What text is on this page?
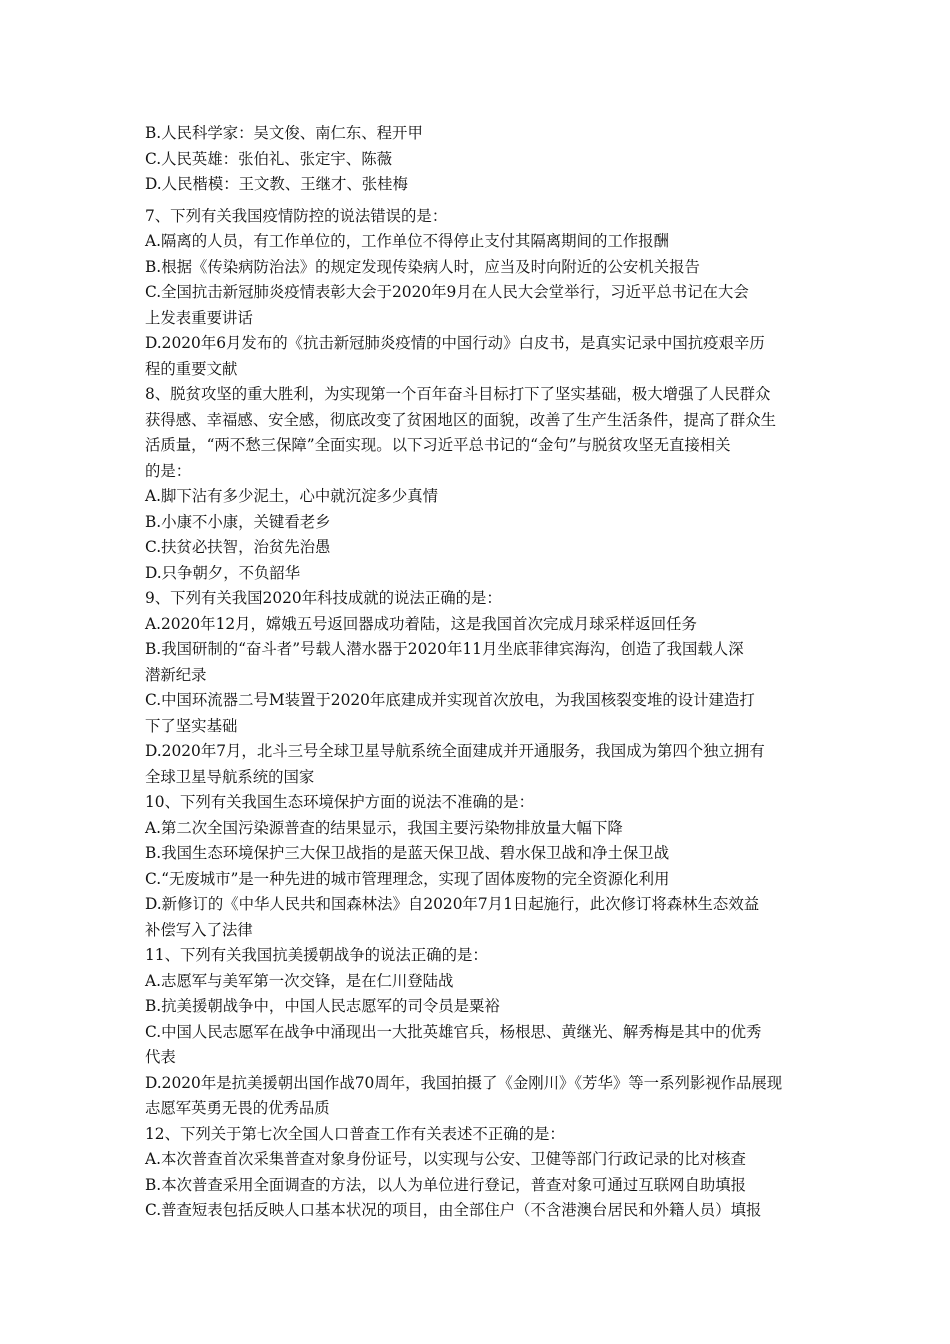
B.人民科学家：吴文俊、南仁东、程开甲
C.人民英雄：张伯礼、张定宇、陈薇
D.人民楷模：王文教、王继才、张桂梅
7、下列有关我国疫情防控的说法错误的是：
A.隔离的人员，有工作单位的，工作单位不得停止支付其隔离期间的工作报酬
B.根据《传染病防治法》的规定发现传染病人时，应当及时向附近的公安机关报告
C.全国抗击新冠肺炎疫情表彰大会于2020年9月在人民大会堂举行，习近平总书记在大会
上发表重要讲话
D.2020年6月发布的《抗击新冠肺炎疫情的中国行动》白皮书，是真实记录中国抗疫艰辛历
程的重要文献
8、脱贫攻坚的重大胜利，为实现第一个百年奋斗目标打下了坚实基础，极大增强了人民群众
获得感、幸福感、安全感，彻底改变了贫困地区的面貌，改善了生产生活条件，提高了群众生
活质量，“两不愁三保障”全面实现。以下习近平总书记的“金句”与脱贫攻坚无直接相关
的是：
A.脚下沾有多少泥土，心中就沉淀多少真情
B.小康不小康，关键看老乡
C.扶贫必扶智，治贫先治愚
D.只争朝夕，不负韶华
9、下列有关我国2020年科技成就的说法正确的是：
A.2020年12月，嫦娥五号返回器成功着陆，这是我国首次完成月球采样返回任务
B.我国研制的“奋斗者”号载人潜水器于2020年11月坐底菲律宾海沟，创造了我国载人深
潜新纪录
C.中国环流器二号M装置于2020年底建成并实现首次放电，为我国核裂变堆的设计建造打
下了坚实基础
D.2020年7月，北斗三号全球卫星导航系统全面建成并开通服务，我国成为第四个独立拥有
全球卫星导航系统的国家
10、下列有关我国生态环境保护方面的说法不准确的是：
A.第二次全国污染源普查的结果显示，我国主要污染物排放量大幅下降
B.我国生态环境保护三大保卫战指的是蓝天保卫战、碧水保卫战和净土保卫战
C.“无废城市”是一种先进的城市管理理念，实现了固体废物的完全资源化利用
D.新修订的《中华人民共和国森林法》自2020年7月1日起施行，此次修订将森林生态效益
补偿写入了法律
11、下列有关我国抗美援朝战争的说法正确的是：
A.志愿军与美军第一次交锋，是在仁川登陆战
B.抗美援朝战争中，中国人民志愿军的司令员是粟裕
C.中国人民志愿军在战争中涌现出一大批英雄官兵，杨根思、黄继光、解秀梅是其中的优秀
代表
D.2020年是抗美援朝出国作战70周年，我国拍摄了《金刚川》《芳华》等一系列影视作品展现
志愿军英勇无畏的优秀品质
12、下列关于第七次全国人口普查工作有关表述不正确的是：
A.本次普查首次采集普查对象身份证号，以实现与公安、卫健等部门行政记录的比对核查
B.本次普查采用全面调查的方法，以人为单位进行登记，普查对象可通过互联网自助填报
C.普查短表包括反映人口基本状况的项目，由全部住户（不含港澳台居民和外籍人员）填报
